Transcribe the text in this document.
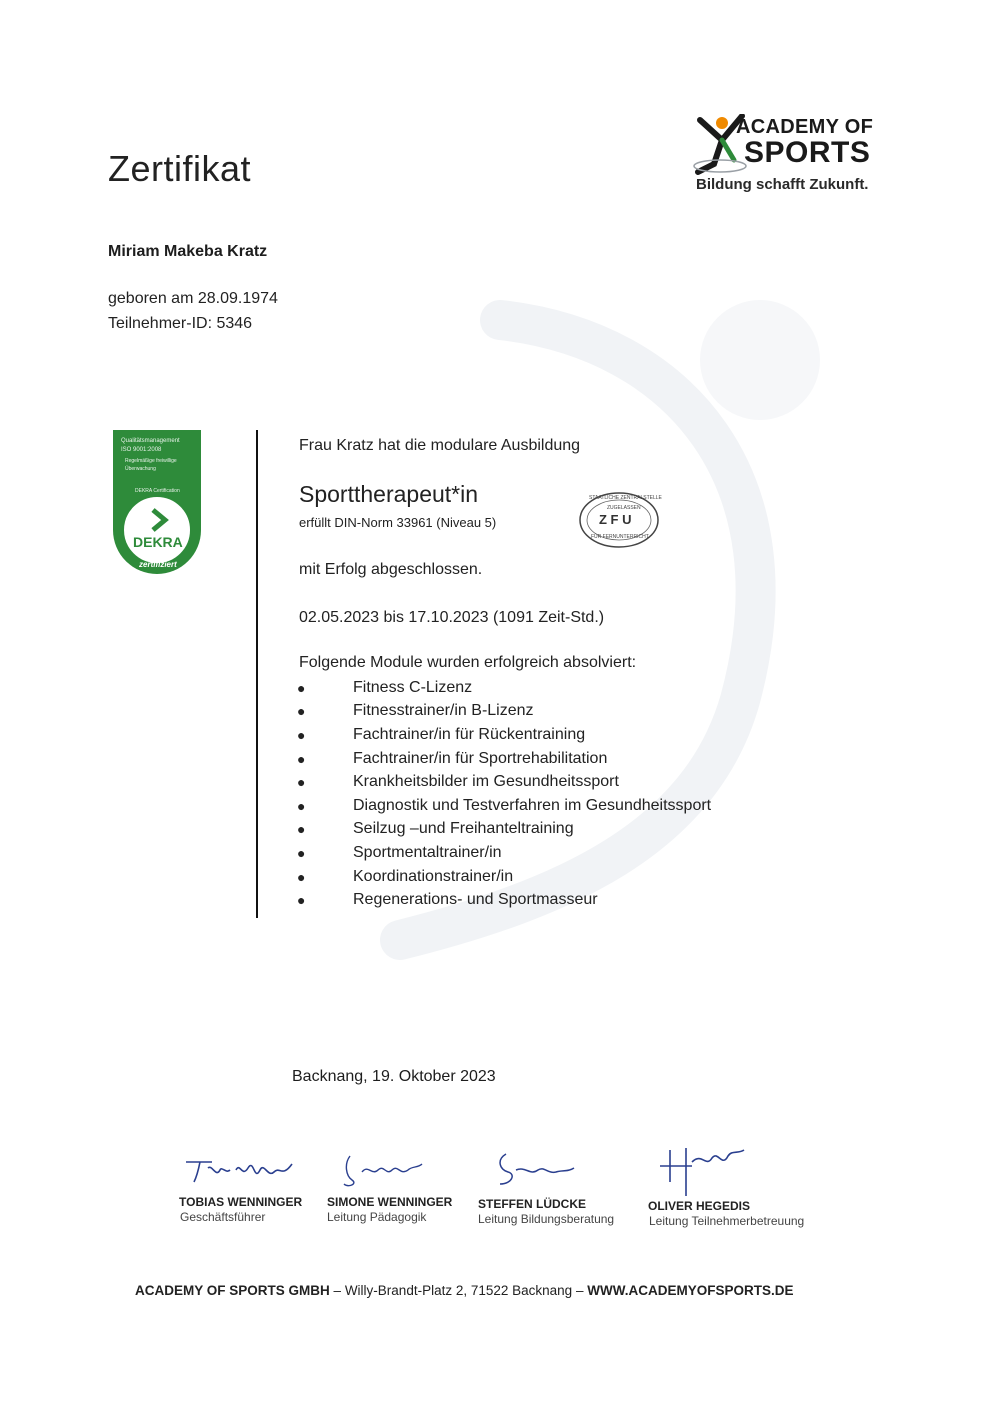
Zertifikat
ACADEMY OF
SPORTS
Bildung schafft Zukunft.
Miriam Makeba Kratz
geboren am 28.09.1974
Teilnehmer-ID: 5346
Qualitätsmanagement
ISO 9001:2008
Regelmäßige freiwillige
Überwachung
DEKRA Certification
DEKRA
zertifiziert
Frau Kratz hat die modulare Ausbildung
Sporttherapeut*in
erfüllt DIN-Norm 33961 (Niveau 5)
STAATLICHE ZENTRALSTELLE
ZUGELASSEN
Z F U
FÜR FERNUNTERRICHT
mit Erfolg abgeschlossen.
02.05.2023 bis 17.10.2023 (1091 Zeit-Std.)
Folgende Module wurden erfolgreich absolviert:
●	Fitness C-Lizenz
●	Fitnesstrainer/in B-Lizenz
●	Fachtrainer/in für Rückentraining
●	Fachtrainer/in für Sportrehabilitation
●	Krankheitsbilder im Gesundheitssport
●	Diagnostik und Testverfahren im Gesundheitssport
●	Seilzug –und Freihanteltraining
●	Sportmentaltrainer/in
●	Koordinationstrainer/in
●	Regenerations- und Sportmasseur
Backnang, 19. Oktober 2023
TOBIAS WENNINGER
Geschäftsführer
SIMONE WENNINGER
Leitung Pädagogik
STEFFEN LÜDCKE
Leitung Bildungsberatung
OLIVER HEGEDIS
Leitung Teilnehmerbetreuung
ACADEMY OF SPORTS GMBH – Willy-Brandt-Platz 2, 71522 Backnang – WWW.ACADEMYOFSPORTS.DE
